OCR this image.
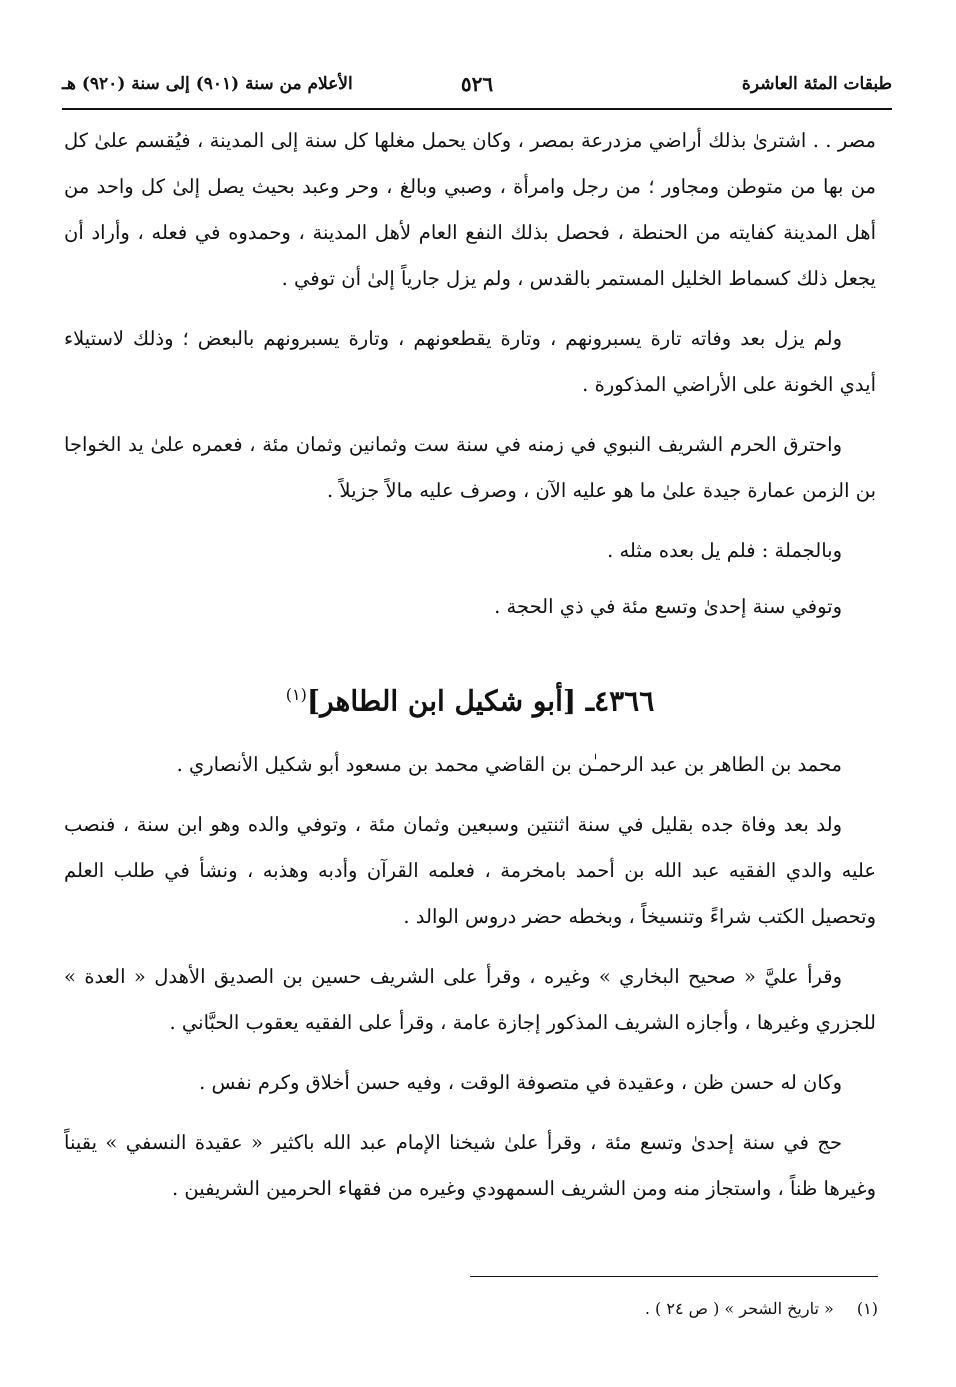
طبقات المئة العاشرة
٥٢٦
الأعلام من سنة (٩٠١) إلى سنة (٩٢٠) هـ

مصر . . اشترىٰ بذلك أراضي مزدرعة بمصر ، وكان يحمل مغلها كل سنة إلى المدينة ، فيُقسم علىٰ كل من بها من متوطن ومجاور ؛ من رجل وامرأة ، وصبي وبالغ ، وحر وعبد بحيث يصل إلىٰ كل واحد من أهل المدينة كفايته من الحنطة ، فحصل بذلك النفع العام لأهل المدينة ، وحمدوه في فعله ، وأراد أن يجعل ذلك كسماط الخليل المستمر بالقدس ، ولم يزل جارياً إلىٰ أن توفي .

ولم يزل بعد وفاته تارة يسبرونهم ، وتارة يقطعونهم ، وتارة يسبرونهم بالبعض ؛ وذلك لاستيلاء أيدي الخونة على الأراضي المذكورة .

واحترق الحرم الشريف النبوي في زمنه في سنة ست وثمانين وثمان مئة ، فعمره علىٰ يد الخواجا بن الزمن عمارة جيدة علىٰ ما هو عليه الآن ، وصرف عليه مالاً جزيلاً .

وبالجملة : فلم يل بعده مثله .

وتوفي سنة إحدىٰ وتسع مئة في ذي الحجة .

٤٣٦٦ـ [أبو شكيل ابن الطاهر]$^{(١)}$

محمد بن الطاهر بن عبد الرحمـٰن بن القاضي محمد بن مسعود أبو شكيل الأنصاري .

ولد بعد وفاة جده بقليل في سنة اثنتين وسبعين وثمان مئة ، وتوفي والده وهو ابن سنة ، فنصب عليه والدي الفقيه عبد الله بن أحمد بامخرمة ، فعلمه القرآن وأدبه وهذبه ، ونشأ في طلب العلم وتحصيل الكتب شراءً وتنسيخاً ، وبخطه حضر دروس الوالد .

وقرأ عليَّ « صحيح البخاري » وغيره ، وقرأ على الشريف حسين بن الصديق الأهدل « العدة » للجزري وغيرها ، وأجازه الشريف المذكور إجازة عامة ، وقرأ على الفقيه يعقوب الحبَّاني .

وكان له حسن ظن ، وعقيدة في متصوفة الوقت ، وفيه حسن أخلاق وكرم نفس .

حج في سنة إحدىٰ وتسع مئة ، وقرأ علىٰ شيخنا الإمام عبد الله باكثير « عقيدة النسفي » يقيناً وغيرها ظناً ، واستجاز منه ومن الشريف السمهودي وغيره من فقهاء الحرمين الشريفين .

(١) « تاريخ الشحر » ( ص ٢٤ ) .
